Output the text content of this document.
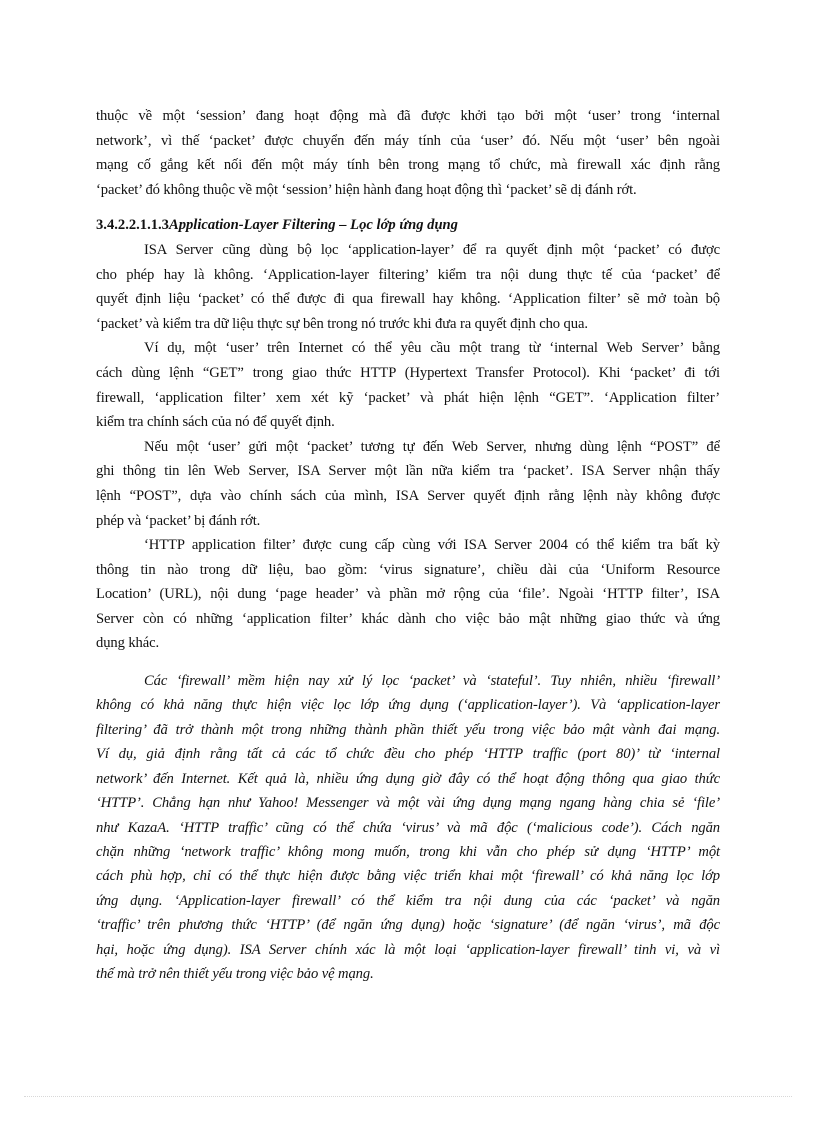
thuộc về một ‘session’ đang hoạt động mà đã được khởi tạo bởi một ‘user’ trong ‘internal
network’, vì thế ‘packet’ được chuyển đến máy tính của ‘user’ đó. Nếu một ‘user’ bên ngoài
mạng cố gắng kết nối đến một máy tính bên trong mạng tổ chức, mà firewall xác định rằng
‘packet’ đó không thuộc về một ‘session’ hiện hành đang hoạt động thì ‘packet’ sẽ dị đánh rớt.
3.4.2.2.1.1.3Application-Layer Filtering – Lọc lớp ứng dụng
ISA Server cũng dùng bộ lọc ‘application-layer’ để ra quyết định một ‘packet’ có được
cho phép hay là không. ‘Application-layer filtering’ kiểm tra nội dung thực tế của ‘packet’ để
quyết định liệu ‘packet’ có thể được đi qua firewall hay không. ‘Application filter’ sẽ mở toàn bộ
‘packet’ và kiểm tra dữ liệu thực sự bên trong nó trước khi đưa ra quyết định cho qua.
Ví dụ, một ‘user’ trên Internet có thể yêu cầu một trang từ ‘internal Web Server’ bằng
cách dùng lệnh “GET” trong giao thức HTTP (Hypertext Transfer Protocol). Khi ‘packet’ đi tới
firewall, ‘application filter’ xem xét kỹ ‘packet’ và phát hiện lệnh “GET”. ‘Application filter’
kiểm tra chính sách của nó để quyết định.
Nếu một ‘user’ gửi một ‘packet’ tương tự đến Web Server, nhưng dùng lệnh “POST” để
ghi thông tin lên Web Server, ISA Server một lần nữa kiểm tra ‘packet’. ISA Server nhận thấy
lệnh “POST”, dựa vào chính sách của mình, ISA Server quyết định rằng lệnh này không được
phép và ‘packet’ bị đánh rớt.
‘HTTP application filter’ được cung cấp cùng với ISA Server 2004 có thể kiểm tra bất kỳ
thông tin nào trong dữ liệu, bao gồm: ‘virus signature’, chiều dài của ‘Uniform Resource
Location’ (URL), nội dung ‘page header’ và phần mở rộng của ‘file’. Ngoài ‘HTTP filter’, ISA
Server còn có những ‘application filter’ khác dành cho việc bảo mật những giao thức và ứng
dụng khác.
Các ‘firewall’ mềm hiện nay xử lý lọc ‘packet’ và ‘stateful’. Tuy nhiên, nhiều ‘firewall’
không có khả năng thực hiện việc lọc lớp ứng dụng (‘application-layer’). Và ‘application-layer
filtering’ đã trở thành một trong những thành phần thiết yếu trong việc bảo mật vành đai mạng.
Ví dụ, giả định rằng tất cả các tổ chức đều cho phép ‘HTTP traffic (port 80)’ từ ‘internal
network’ đến Internet. Kết quả là, nhiều ứng dụng giờ đây có thể hoạt động thông qua giao thức
‘HTTP’. Chẳng hạn như Yahoo! Messenger và một vài ứng dụng mạng ngang hàng chia sẻ ‘file’
như KazaA. ‘HTTP traffic’ cũng có thể chứa ‘virus’ và mã độc (‘malicious code’). Cách ngăn
chặn những ‘network traffic’ không mong muốn, trong khi vẫn cho phép sử dụng ‘HTTP’ một
cách phù hợp, chỉ có thể thực hiện được bằng việc triển khai một ‘firewall’ có khả năng lọc lớp
ứng dụng. ‘Application-layer firewall’ có thể kiểm tra nội dung của các ‘packet’ và ngăn
‘traffic’ trên phương thức ‘HTTP’ (để ngăn ứng dụng) hoặc ‘signature’ (để ngăn ‘virus’, mã độc
hại, hoặc ứng dụng). ISA Server chính xác là một loại ‘application-layer firewall’ tinh vi, và vì
thế mà trở nên thiết yếu trong việc bảo vệ mạng.
